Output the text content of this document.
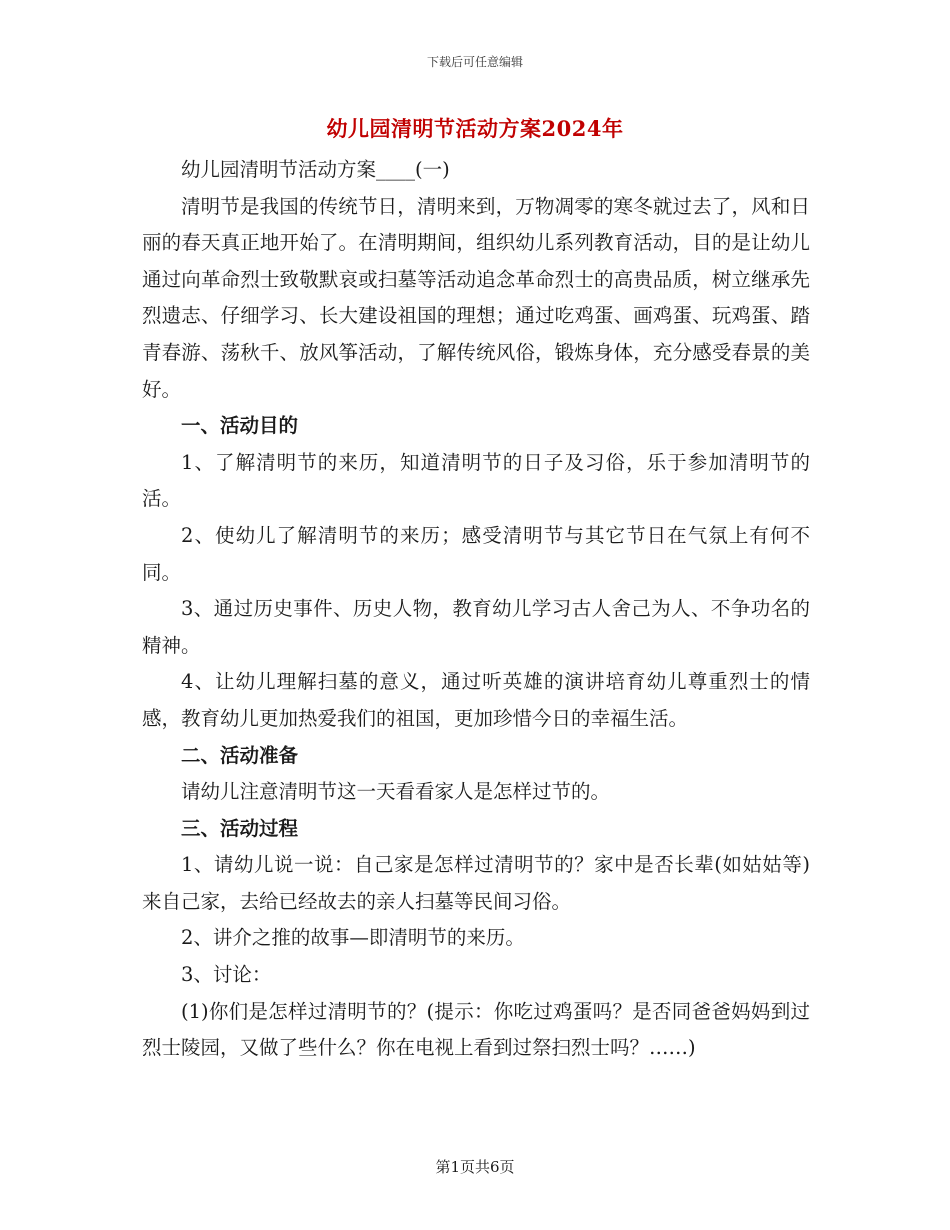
下载后可任意编辑
幼儿园清明节活动方案2024年

幼儿园清明节活动方案____(一)

清明节是我国的传统节日，清明来到，万物凋零的寒冬就过去了，风和日丽的春天真正地开始了。在清明期间，组织幼儿系列教育活动，目的是让幼儿通过向革命烈士致敬默哀或扫墓等活动追念革命烈士的高贵品质，树立继承先烈遗志、仔细学习、长大建设祖国的理想；通过吃鸡蛋、画鸡蛋、玩鸡蛋、踏青春游、荡秋千、放风筝活动，了解传统风俗，锻炼身体，充分感受春景的美好。

一、活动目的

1、了解清明节的来历，知道清明节的日子及习俗，乐于参加清明节的活。

2、使幼儿了解清明节的来历；感受清明节与其它节日在气氛上有何不同。

3、通过历史事件、历史人物，教育幼儿学习古人舍己为人、不争功名的精神。

4、让幼儿理解扫墓的意义，通过听英雄的演讲培育幼儿尊重烈士的情感，教育幼儿更加热爱我们的祖国，更加珍惜今日的幸福生活。

二、活动准备

请幼儿注意清明节这一天看看家人是怎样过节的。

三、活动过程

1、请幼儿说一说：自己家是怎样过清明节的？家中是否长辈(如姑姑等)来自己家，去给已经故去的亲人扫墓等民间习俗。

2、讲介之推的故事—即清明节的来历。

3、讨论：

(1)你们是怎样过清明节的？(提示：你吃过鸡蛋吗？是否同爸爸妈妈到过烈士陵园，又做了些什么？你在电视上看到过祭扫烈士吗？……)

第1页共6页
